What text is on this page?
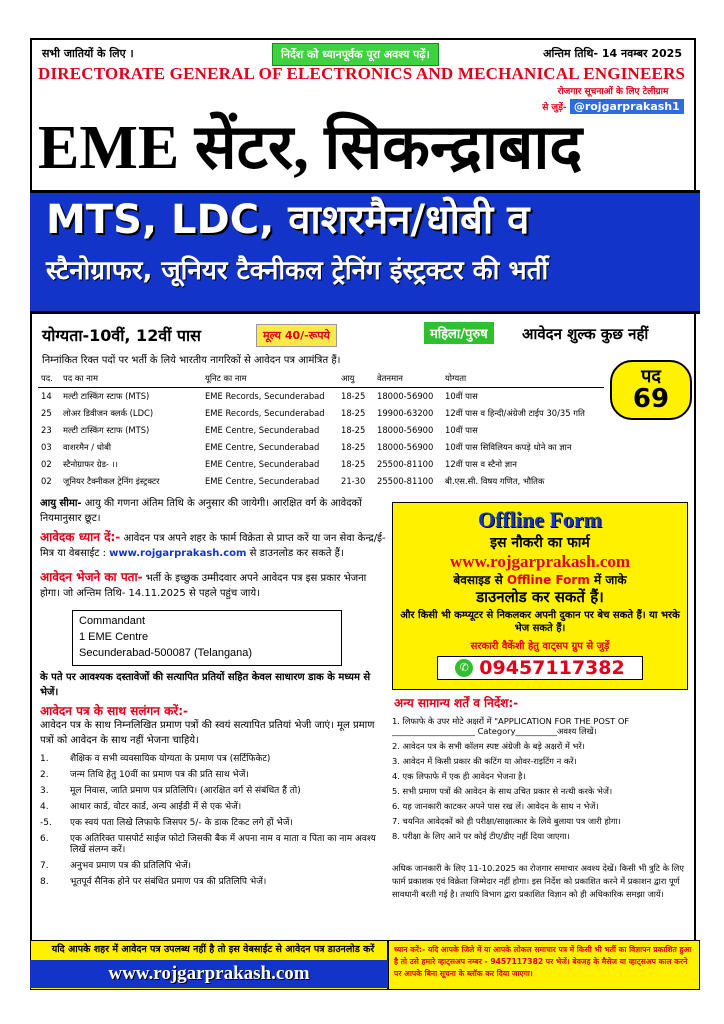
सभी जातियों के लिए ।	निर्देश को ध्यानपूर्वक पूरा अवश्य पढ़ें।	अन्तिम तिथि- 14 नवम्बर 2025
DIRECTORATE GENERAL OF ELECTRONICS AND MECHANICAL ENGINEERS
रोजगार सूचनाओं के लिए टेलीग्राम
से जुड़ें- @rojgarprakash1
EME सेंटर, सिकन्द्राबाद
MTS, LDC, वाशरमैन/धोबी व
स्टैनोग्राफर, जूनियर टैक्नीकल ट्रेनिंग इंस्ट्रक्टर की भर्ती
योग्यता-10वीं, 12वीं पास	मूल्य 40/-रूपये	महिला/पुरुष	आवेदन शुल्क कुछ नहीं
निम्नांकित रिक्त पदों पर भर्ती के लिये भारतीय नागरिकों से आवेदन पत्र आमंत्रित हैं।
पद
69
पद.	पद का नाम	यूनिट का नाम	आयु	वेतनमान	योग्यता
14	मल्टी टास्किंग स्टाफ (MTS)	EME Records, Secunderabad	18-25	18000-56900	10वीं पास
25	लोअर डिवीजन क्लर्क (LDC)	EME Records, Secunderabad	18-25	19900-63200	12वीं पास व हिन्दी/अंग्रेजी टाईप 30/35 गति
23	मल्टी टास्किंग स्टाफ (MTS)	EME Centre, Secunderabad	18-25	18000-56900	10वीं पास
03	वाशरमैन / धोबी	EME Centre, Secunderabad	18-25	18000-56900	10वीं पास सिविलियन कपड़े धोने का ज्ञान
02	स्टैनोग्राफर ग्रेड- ।।	EME Centre, Secunderabad	18-25	25500-81100	12वीं पास व स्टैनो ज्ञान
02	जूनियर टैक्नीकल ट्रेनिंग इंस्ट्रक्टर	EME Centre, Secunderabad	21-30	25500-81100	बी.एस.सी. विषय गणित, भौतिक
आयु सीमा- आयु की गणना अंतिम तिथि के अनुसार की जायेगी। आरक्षित वर्ग के आवेदकों नियमानुसार छूट।
आवेदक ध्यान दें:- आवेदन पत्र अपने शहर के फार्म विक्रेता से प्राप्त करें या जन सेवा केन्द्र/ई-मित्र या वेबसाईट : www.rojgarprakash.com से डाउनलोड कर सकते हैं।
आवेदन भेजने का पता- भर्ती के इच्छुक उम्मीदवार अपने आवेदन पत्र इस प्रकार भेजना होगा। जो अन्तिम तिथि- 14.11.2025 से पहले पहुंच जाये।
Commandant
1 EME Centre
Secunderabad-500087 (Telangana)
के पते पर आवश्यक दस्तावेजों की सत्यापित प्रतियों सहित केवल साधारण डाक के मध्यम से भेजें।
आवेदन पत्र के साथ सलंगन करें:-
आवेदन पत्र के साथ निम्नलिखित प्रमाण पत्रों की स्वयं सत्यापित प्रतियां भेजी जाएं। मूल प्रमाण पत्रों को आवेदन के साथ नहीं भेजना चाहिये।
1.	शैक्षिक व सभी व्यवसायिक योग्यता के प्रमाण पत्र (सर्टिफिकेट)
2.	जन्म तिथि हेतु 10वीं का प्रमाण पत्र की प्रति साथ भेजें।
3.	मूल निवास, जाति प्रमाण पत्र प्रतिलिपि। (आरक्षित वर्ग से संबंधित हैं तो)
4.	आधार कार्ड, वोटर कार्ड, अन्य आईडी में से एक भेजें।
-5.	एक स्वयं पता लिखे लिफाफे जिसपर 5/- के डाक टिकट लगे हों भेजें।
6.	एक अतिरिक्त पासपोर्ट साईज फोटो जिसकी बैक में अपना नाम व माता व पिता का नाम अवश्य लिखें संलग्न करें।
7.	अनुभव प्रमाण पत्र की प्रतिलिपि भेजें।
8.	भूतपूर्व सैनिक होने पर संबंधित प्रमाण पत्र की प्रतिलिपि भेजें।
Offline Form
इस नौकरी का फार्म
www.rojgarprakash.com
बेवसाइड से Offline Form में जाके
डाउनलोड कर सकतें हैं।
और किसी भी कम्प्यूटर से निकलकर अपनी दुकान पर बेच सकते हैं। या भरके भेज सकते हैं।
सरकारी वैकेंशी हेतु वाट्सप ग्रुप से जुड़ें
✆ 09457117382
अन्य सामान्य शर्तें व निर्देश:-
1. लिफाफे के उपर मोटे अक्षरों में "APPLICATION FOR THE POST OF ____________________ Category__________अवश्य लिखें।
2. आवेदन पत्र के सभी कॉलम स्पष्ट अंग्रेजी के बड़े अक्षरों में भरें।
3. आवेदन में किसी प्रकार की कटिंग या ओवर-राइटिंग न करें।
4. एक लिफाफे में एक ही आवेदन भेजना है।
5. सभी प्रमाण पत्रों की आवेदन के साथ उचित प्रकार से नत्थी करके भेजें।
6. यह जानकारी काटकर अपने पास रख लें। आवेदन के साथ न भेजें।
7. चयनित आवेदकों को ही परीक्षा/साक्षात्कार के लिये बुलाया पत्र जारी होगा।
8. परीक्षा के लिए आने पर कोई टीए/डीए नहीं दिया जाएगा।
अधिक जानकारी के लिए 11-10.2025 का रोजगार समाचार अवश्य देखें। किसी भी त्रुटि के लिए फार्म प्रकाशक एवं विक्रेता जिम्मेदार नहीं होगा। इस निर्देश को प्रकाशित करने में प्रकाशन द्वारा पूर्ण सावधानी बरती गई है। तथापि विभाग द्वारा प्रकाशित विज्ञान को ही अधिकारिक समझा जायें।
यदि आपके शहर में आवेदन पत्र उपलब्ध नहीं है तो इस वेबसाईट से आवेदन पत्र डाउनलोड करें
www.rojgarprakash.com
ध्यान करें:- यदि आपके जिले में या आपके लोकल समाचार पत्र में किसी भी भर्ती का विज्ञापन प्रकाशित हुआ है तो उसे हमारे व्हाट्सअप नम्बर - 9457117382 पर भेजें। बेवजह के मैसेज या व्हाट्सअप काल करने पर आपके बिना सूचना के ब्लॉक कर दिया जाएगा।
